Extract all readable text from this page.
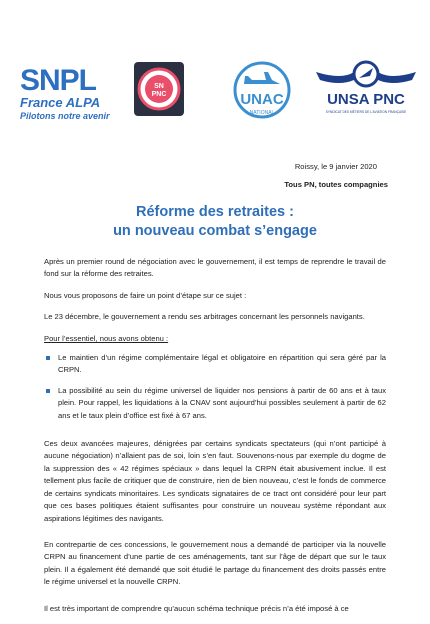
SNPL
France ALPA
Pilotons notre avenir
SN
PNC	UNAC
NATIONAL
UNSA PNC
SYNDICAT DES MÉTIERS DE L'AVIATION FRANÇAISE
Roissy, le 9 janvier 2020
Tous PN, toutes compagnies
Réforme des retraites :
un nouveau combat s’engage

Après un premier round de négociation avec le gouvernement, il est temps de reprendre le travail de fond sur la réforme des retraites.

Nous vous proposons de faire un point d’étape sur ce sujet :

Le 23 décembre, le gouvernement a rendu ses arbitrages concernant les personnels navigants.

Pour l’essentiel, nous avons obtenu :

Le maintien d’un régime complémentaire légal et obligatoire en répartition qui sera géré par la CRPN.
La possibilité au sein du régime universel de liquider nos pensions à partir de 60 ans et à taux plein. Pour rappel, les liquidations à la CNAV sont aujourd’hui possibles seulement à partir de 62 ans et le taux plein d’office est fixé à 67 ans.

Ces deux avancées majeures, dénigrées par certains syndicats spectateurs (qui n’ont participé à aucune négociation) n’allaient pas de soi, loin s’en faut. Souvenons-nous par exemple du dogme de la suppression des « 42 régimes spéciaux » dans lequel la CRPN était abusivement inclue. Il est tellement plus facile de critiquer que de construire, rien de bien nouveau, c’est le fonds de commerce de certains syndicats minoritaires. Les syndicats signataires de ce tract ont considéré pour leur part que ces bases politiques étaient suffisantes pour construire un nouveau système répondant aux aspirations légitimes des navigants.

En contrepartie de ces concessions, le gouvernement nous a demandé de participer via la nouvelle CRPN au financement d’une partie de ces aménagements, tant sur l’âge de départ que sur le taux plein. Il a également été demandé que soit étudié le partage du financement des droits passés entre le régime universel et la nouvelle CRPN.

Il est très important de comprendre qu’aucun schéma technique précis n’a été imposé à ce
